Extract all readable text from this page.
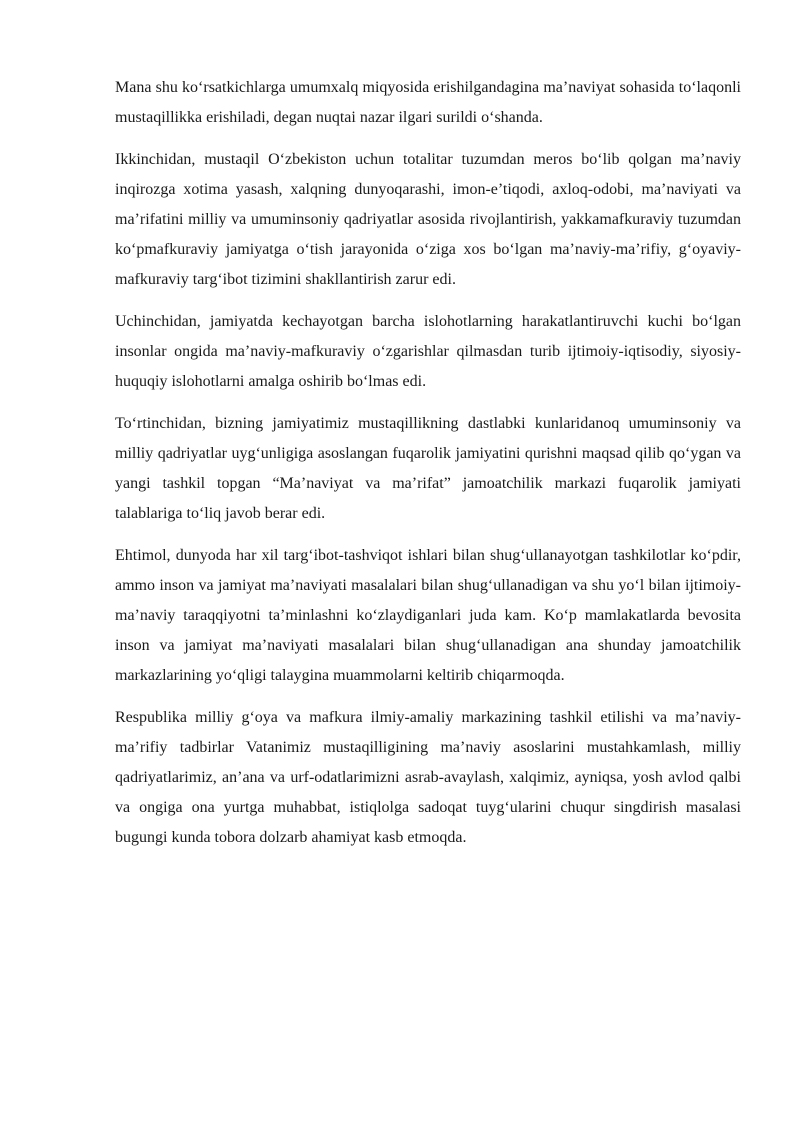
Mana shu ko‘rsatkichlarga umumxalq miqyosida erishilgandagina ma’naviyat sohasida to‘laqonli mustaqillikka erishiladi, degan nuqtai nazar ilgari surildi o‘shanda.

Ikkinchidan, mustaqil O‘zbekiston uchun totalitar tuzumdan meros bo‘lib qolgan ma’naviy inqirozga xotima yasash, xalqning dunyoqarashi, imon-e’tiqodi, axloq-odobi, ma’naviyati va ma’rifatini milliy va umuminsoniy qadriyatlar asosida rivojlantirish, yakkamafkuraviy tuzumdan ko‘pmafkuraviy jamiyatga o‘tish jarayonida o‘ziga xos bo‘lgan ma’naviy-ma’rifiy, g‘oyaviy-mafkuraviy targ‘ibot tizimini shakllantirish zarur edi.

Uchinchidan, jamiyatda kechayotgan barcha islohotlarning harakatlantiruvchi kuchi bo‘lgan insonlar ongida ma’naviy-mafkuraviy o‘zgarishlar qilmasdan turib ijtimoiy-iqtisodiy, siyosiy-huquqiy islohotlarni amalga oshirib bo‘lmas edi.

To‘rtinchidan, bizning jamiyatimiz mustaqillikning dastlabki kunlaridanoq umuminsoniy va milliy qadriyatlar uyg‘unligiga asoslangan fuqarolik jamiyatini qurishni maqsad qilib qo‘ygan va yangi tashkil topgan “Ma’naviyat va ma’rifat” jamoatchilik markazi fuqarolik jamiyati talablariga to‘liq javob berar edi.

Ehtimol, dunyoda har xil targ‘ibot-tashviqot ishlari bilan shug‘ullanayotgan tashkilotlar ko‘pdir, ammo inson va jamiyat ma’naviyati masalalari bilan shug‘ullanadigan va shu yo‘l bilan ijtimoiy-ma’naviy taraqqiyotni ta’minlashni ko‘zlaydiganlari juda kam. Ko‘p mamlakatlarda bevosita inson va jamiyat ma’naviyati masalalari bilan shug‘ullanadigan ana shunday jamoatchilik markazlarining yo‘qligi talaygina muammolarni keltirib chiqarmoqda.

Respublika milliy g‘oya va mafkura ilmiy-amaliy markazining tashkil etilishi va ma’naviy-ma’rifiy tadbirlar Vatanimiz mustaqilligining ma’naviy asoslarini mustahkamlash, milliy qadriyatlarimiz, an’ana va urf-odatlarimizni asrab-avaylash, xalqimiz, ayniqsa, yosh avlod qalbi va ongiga ona yurtga muhabbat, istiqlolga sadoqat tuyg‘ularini chuqur singdirish masalasi bugungi kunda tobora dolzarb ahamiyat kasb etmoqda.
